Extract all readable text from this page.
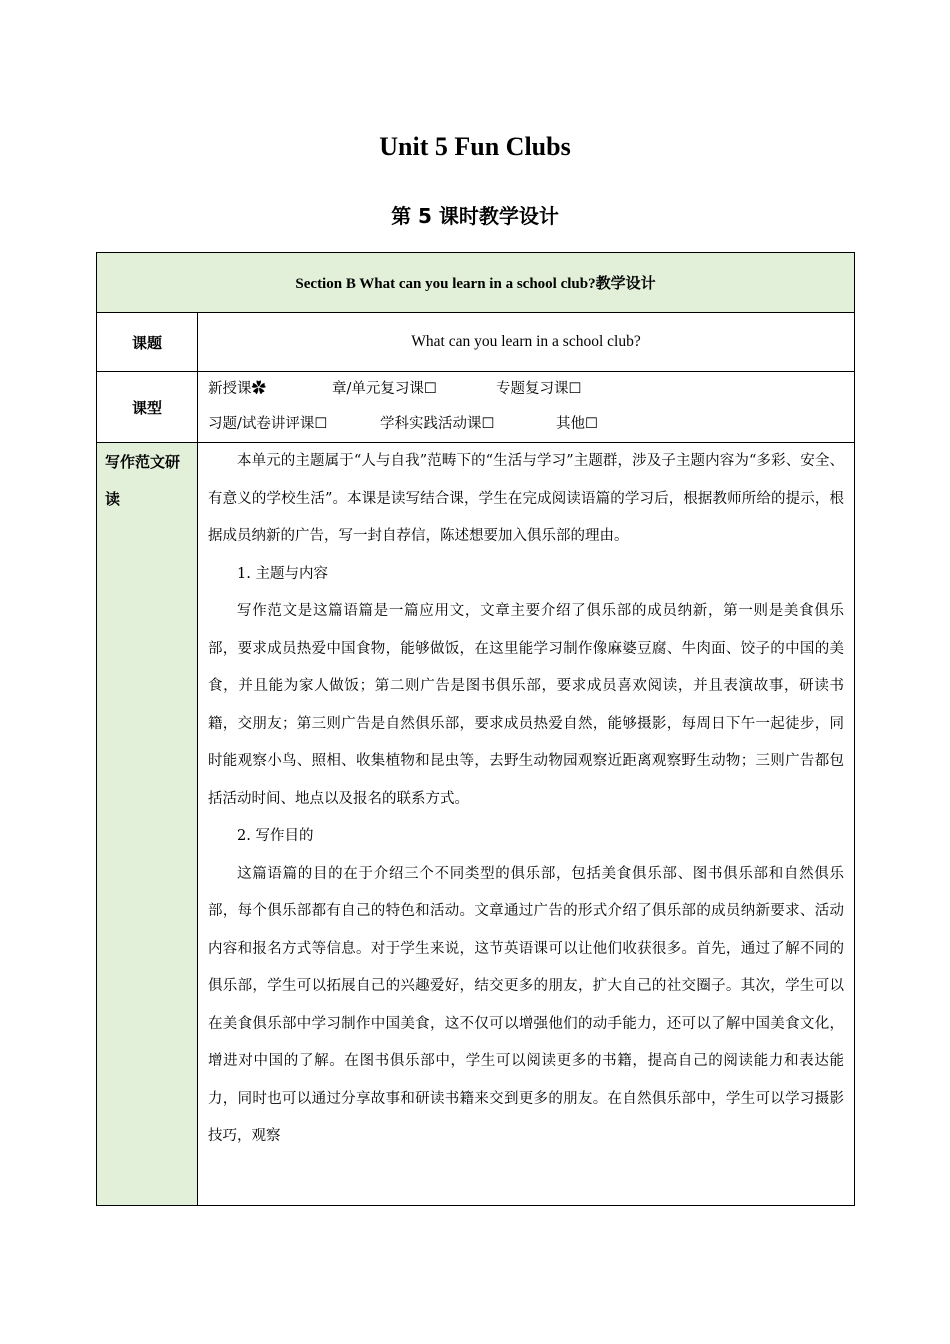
Unit 5 Fun Clubs
第 5 课时教学设计
Section B What can you learn in a school club?教学设计	
课题	What can you learn in a school club?
课型	新授课✿ 章/单元复习课☐ 专题复习课☐
习题/试卷讲评课☐ 学科实践活动课☐ 其他☐

写作范文研读	本单元的主题属于“人与自我”范畴下的“生活与学习”主题群，涉及子主题内容为“多彩、安全、有意义的学校生活”。本课是读写结合课，学生在完成阅读语篇的学习后，根据教师所给的提示，根据成员纳新的广告，写一封自荐信，陈述想要加入俱乐部的理由。

1. 主题与内容

写作范文是这篇语篇是一篇应用文，文章主要介绍了俱乐部的成员纳新，第一则是美食俱乐部，要求成员热爱中国食物，能够做饭，在这里能学习制作像麻婆豆腐、牛肉面、饺子的中国的美食，并且能为家人做饭；第二则广告是图书俱乐部，要求成员喜欢阅读，并且表演故事，研读书籍，交朋友；第三则广告是自然俱乐部，要求成员热爱自然，能够摄影，每周日下午一起徒步，同时能观察小鸟、照相、收集植物和昆虫等，去野生动物园观察近距离观察野生动物；三则广告都包括活动时间、地点以及报名的联系方式。

2. 写作目的

这篇语篇的目的在于介绍三个不同类型的俱乐部，包括美食俱乐部、图书俱乐部和自然俱乐部，每个俱乐部都有自己的特色和活动。文章通过广告的形式介绍了俱乐部的成员纳新要求、活动内容和报名方式等信息。对于学生来说，这节英语课可以让他们收获很多。首先，通过了解不同的俱乐部，学生可以拓展自己的兴趣爱好，结交更多的朋友，扩大自己的社交圈子。其次，学生可以在美食俱乐部中学习制作中国美食，这不仅可以增强他们的动手能力，还可以了解中国美食文化，增进对中国的了解。在图书俱乐部中，学生可以阅读更多的书籍，提高自己的阅读能力和表达能力，同时也可以通过分享故事和研读书籍来交到更多的朋友。在自然俱乐部中，学生可以学习摄影技巧，观察
